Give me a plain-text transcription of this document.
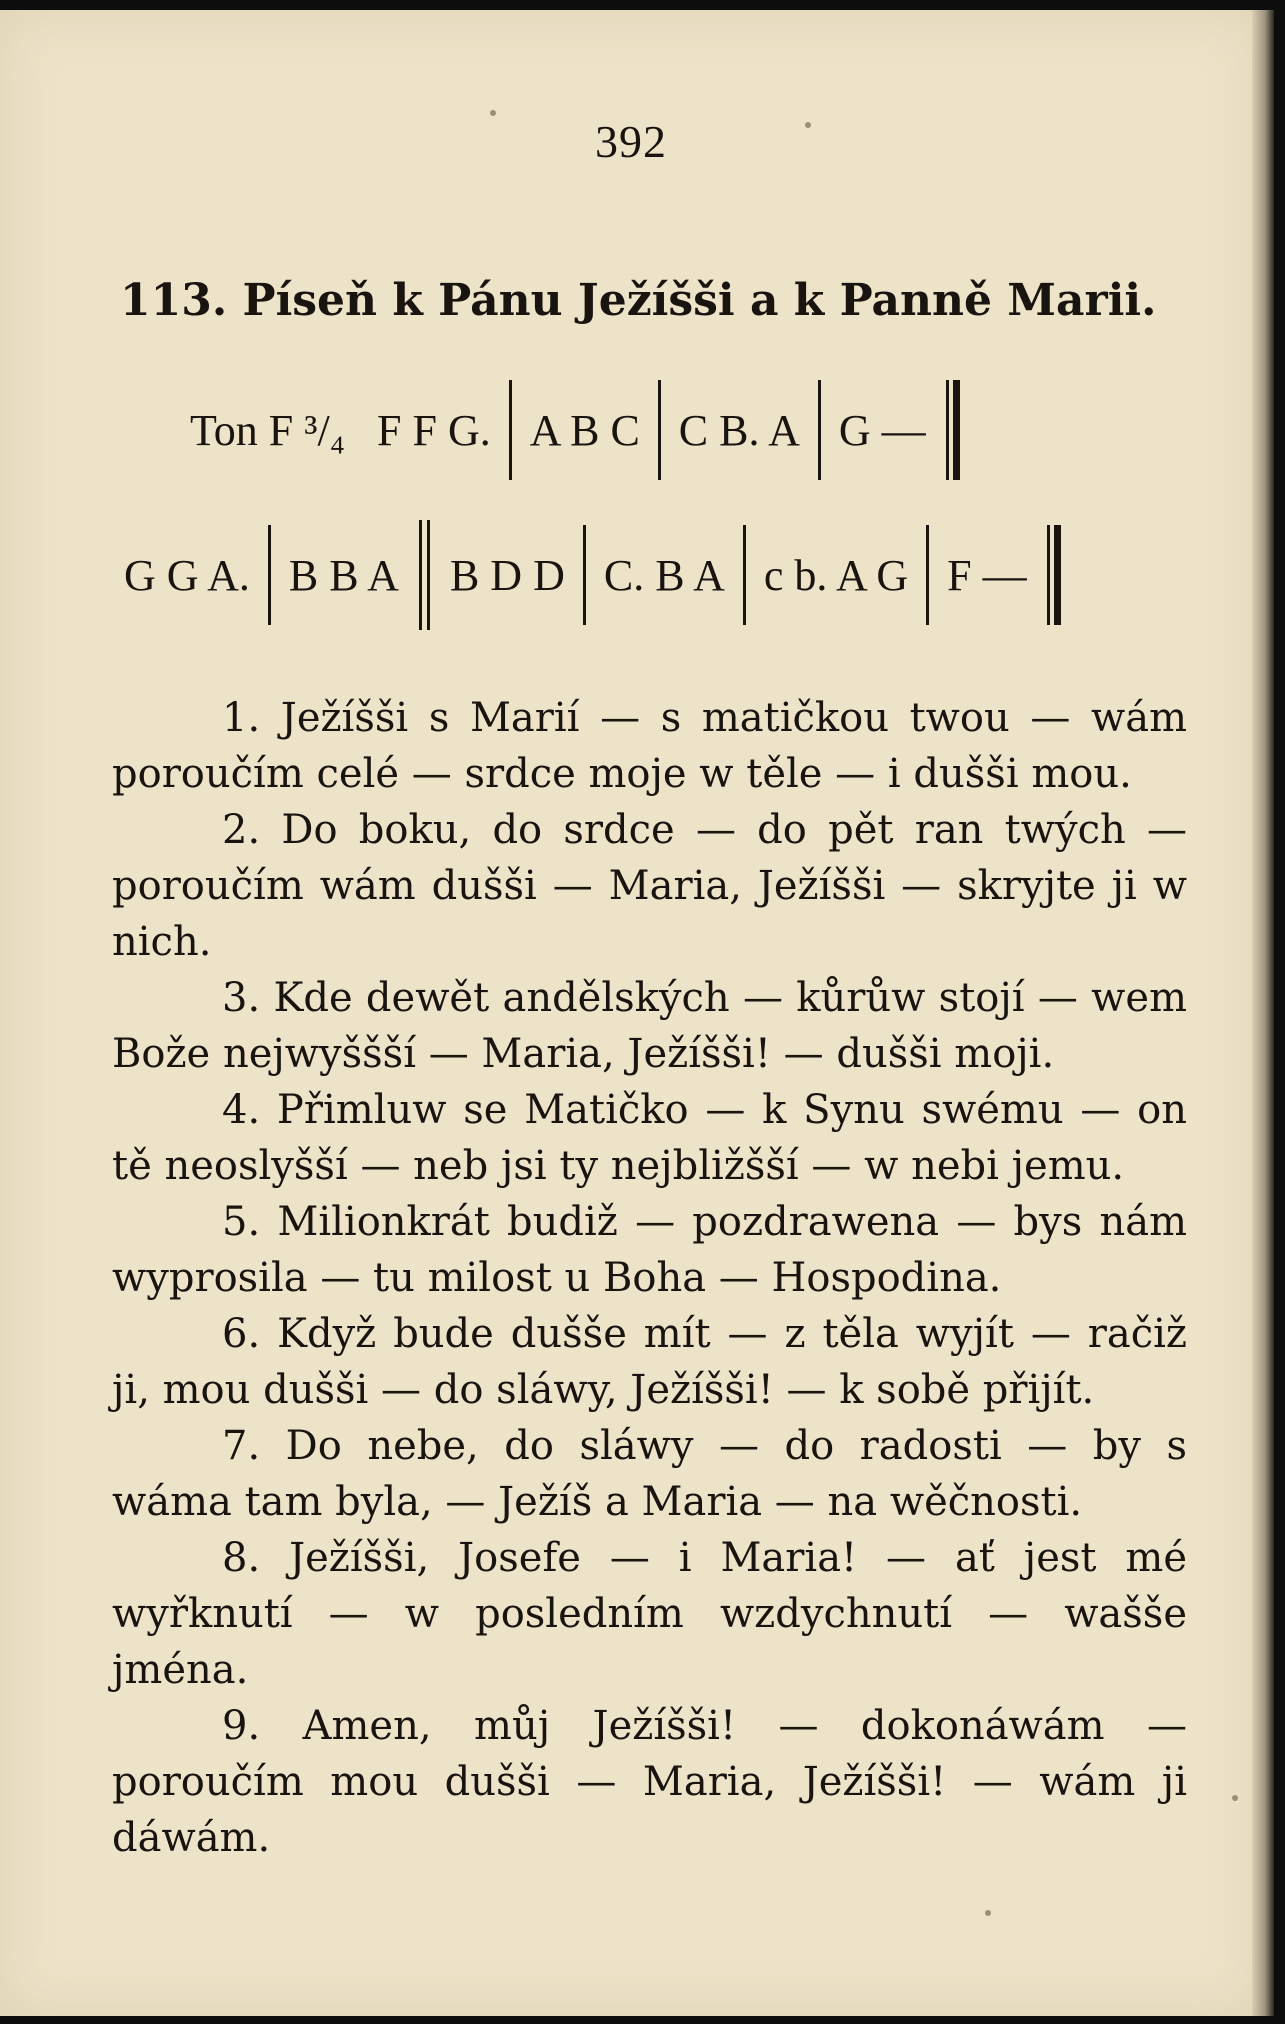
392
113. Píseň k Pánu Ježíšši a k Panně Marii.
Ton F ³/₄ F F G. A B C C B. A G —
G G A. B B A	B D D C. B A c b. A G F —

1. Ježíšši s Marií — s matičkou twou — wám poroučím celé — srdce moje w těle — i dušši mou.

2. Do boku, do srdce — do pět ran twých — poroučím wám dušši — Maria, Ježíšši — skryjte ji w nich.

3. Kde dewět andělských — kůrůw stojí — wem Bože nejwyššší — Maria, Ježíšši! — dušši moji.

4. Přimluw se Matičko — k Synu swému — on tě neoslyšší — neb jsi ty nejbližšší — w nebi jemu.

5. Milionkrát budiž — pozdrawena — bys nám wyprosila — tu milost u Boha — Hospodina.

6. Když bude dušše mít — z těla wyjít — račiž ji, mou dušši — do sláwy, Ježíšši! — k sobě přijít.

7. Do nebe, do sláwy — do radosti — by s wáma tam byla, — Ježíš a Maria — na wěčnosti.

8. Ježíšši, Josefe — i Maria! — ať jest mé wyřknutí — w posledním wzdychnutí — wašše jména.

9. Amen, můj Ježíšši! — dokonáwám — poroučím mou dušši — Maria, Ježíšši! — wám ji dáwám.
